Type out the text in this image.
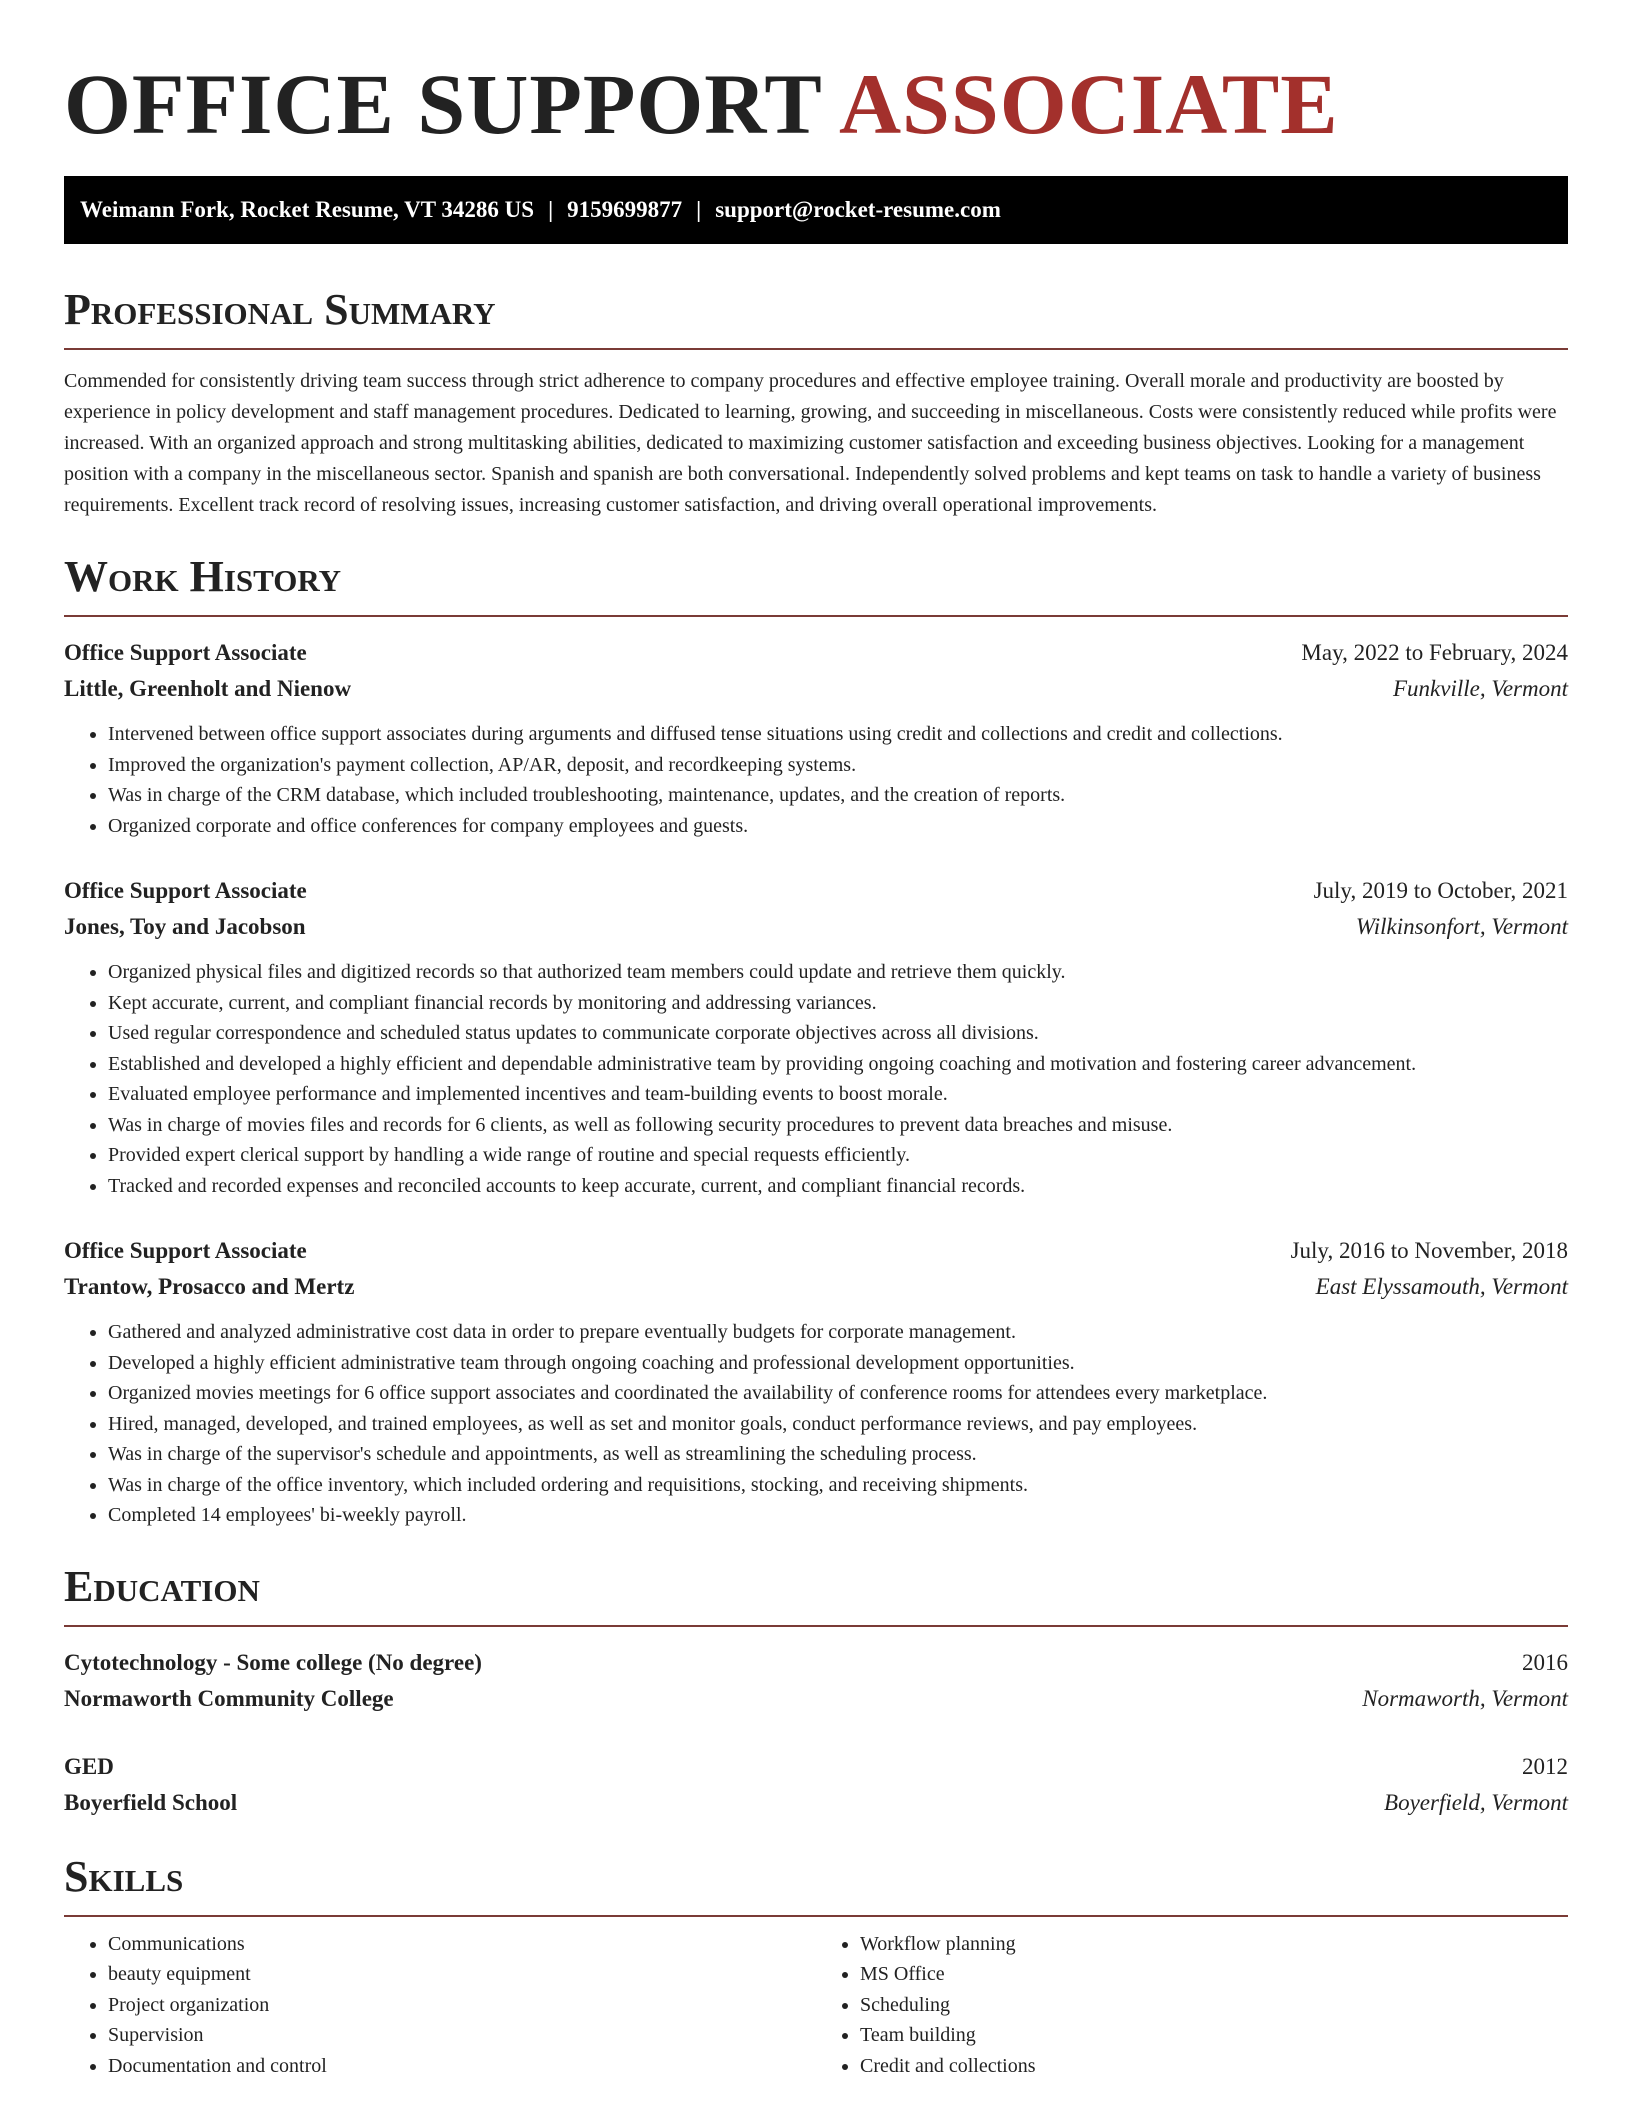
OFFICE SUPPORT ASSOCIATE
Weimann Fork, Rocket Resume, VT 34286 US | 9159699877 | support@rocket-resume.com
Professional Summary

Commended for consistently driving team success through strict adherence to company procedures and effective employee training. Overall morale and productivity are boosted by experience in policy development and staff management procedures. Dedicated to learning, growing, and succeeding in miscellaneous. Costs were consistently reduced while profits were increased. With an organized approach and strong multitasking abilities, dedicated to maximizing customer satisfaction and exceeding business objectives. Looking for a management position with a company in the miscellaneous sector. Spanish and spanish are both conversational. Independently solved problems and kept teams on task to handle a variety of business requirements. Excellent track record of resolving issues, increasing customer satisfaction, and driving overall operational improvements.

Work History
Office Support Associate	May, 2022 to February, 2024
Little, Greenholt and Nienow	Funkville, Vermont
• Intervened between office support associates during arguments and diffused tense situations using credit and collections and credit and collections.
• Improved the organization's payment collection, AP/AR, deposit, and recordkeeping systems.
• Was in charge of the CRM database, which included troubleshooting, maintenance, updates, and the creation of reports.
• Organized corporate and office conferences for company employees and guests.
Office Support Associate	July, 2019 to October, 2021
Jones, Toy and Jacobson	Wilkinsonfort, Vermont
• Organized physical files and digitized records so that authorized team members could update and retrieve them quickly.
• Kept accurate, current, and compliant financial records by monitoring and addressing variances.
• Used regular correspondence and scheduled status updates to communicate corporate objectives across all divisions.
• Established and developed a highly efficient and dependable administrative team by providing ongoing coaching and motivation and fostering career advancement.
• Evaluated employee performance and implemented incentives and team-building events to boost morale.
• Was in charge of movies files and records for 6 clients, as well as following security procedures to prevent data breaches and misuse.
• Provided expert clerical support by handling a wide range of routine and special requests efficiently.
• Tracked and recorded expenses and reconciled accounts to keep accurate, current, and compliant financial records.
Office Support Associate	July, 2016 to November, 2018
Trantow, Prosacco and Mertz	East Elyssamouth, Vermont
• Gathered and analyzed administrative cost data in order to prepare eventually budgets for corporate management.
• Developed a highly efficient administrative team through ongoing coaching and professional development opportunities.
• Organized movies meetings for 6 office support associates and coordinated the availability of conference rooms for attendees every marketplace.
• Hired, managed, developed, and trained employees, as well as set and monitor goals, conduct performance reviews, and pay employees.
• Was in charge of the supervisor's schedule and appointments, as well as streamlining the scheduling process.
• Was in charge of the office inventory, which included ordering and requisitions, stocking, and receiving shipments.
• Completed 14 employees' bi-weekly payroll.
Education
Cytotechnology - Some college (No degree)	2016
Normaworth Community College	Normaworth, Vermont
GED	2012
Boyerfield School	Boyerfield, Vermont
Skills
• Communications
• beauty equipment
• Project organization
• Supervision
• Documentation and control
• Workflow planning
• MS Office
• Scheduling
• Team building
• Credit and collections
